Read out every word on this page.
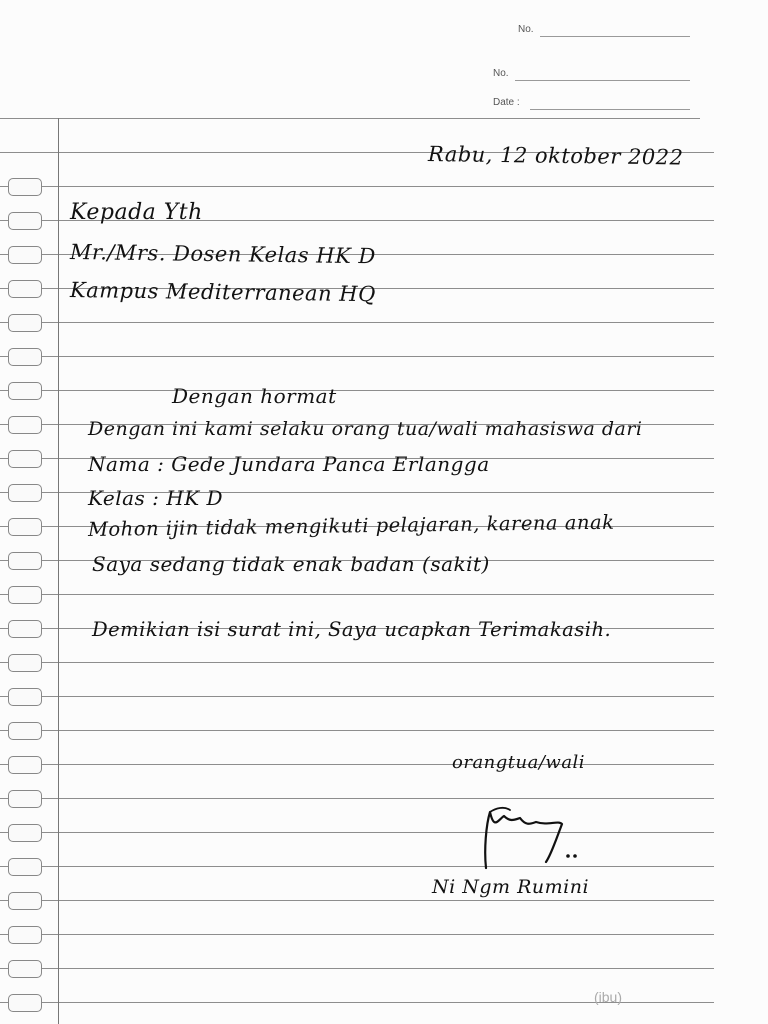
No.
No.
Date :
Rabu, 12 oktober 2022
Kepada Yth
Mr./Mrs. Dosen Kelas HK D
Kampus Mediterranean HQ
Dengan hormat
Dengan ini kami selaku orang tua/wali mahasiswa dari
Nama : Gede Jundara Panca Erlangga
Kelas : HK D
Mohon ijin tidak mengikuti pelajaran, karena anak
Saya sedang tidak enak badan (sakit)
Demikian isi surat ini, Saya ucapkan Terimakasih.
orangtua/wali
Ni Ngm Rumini
(ibu)
